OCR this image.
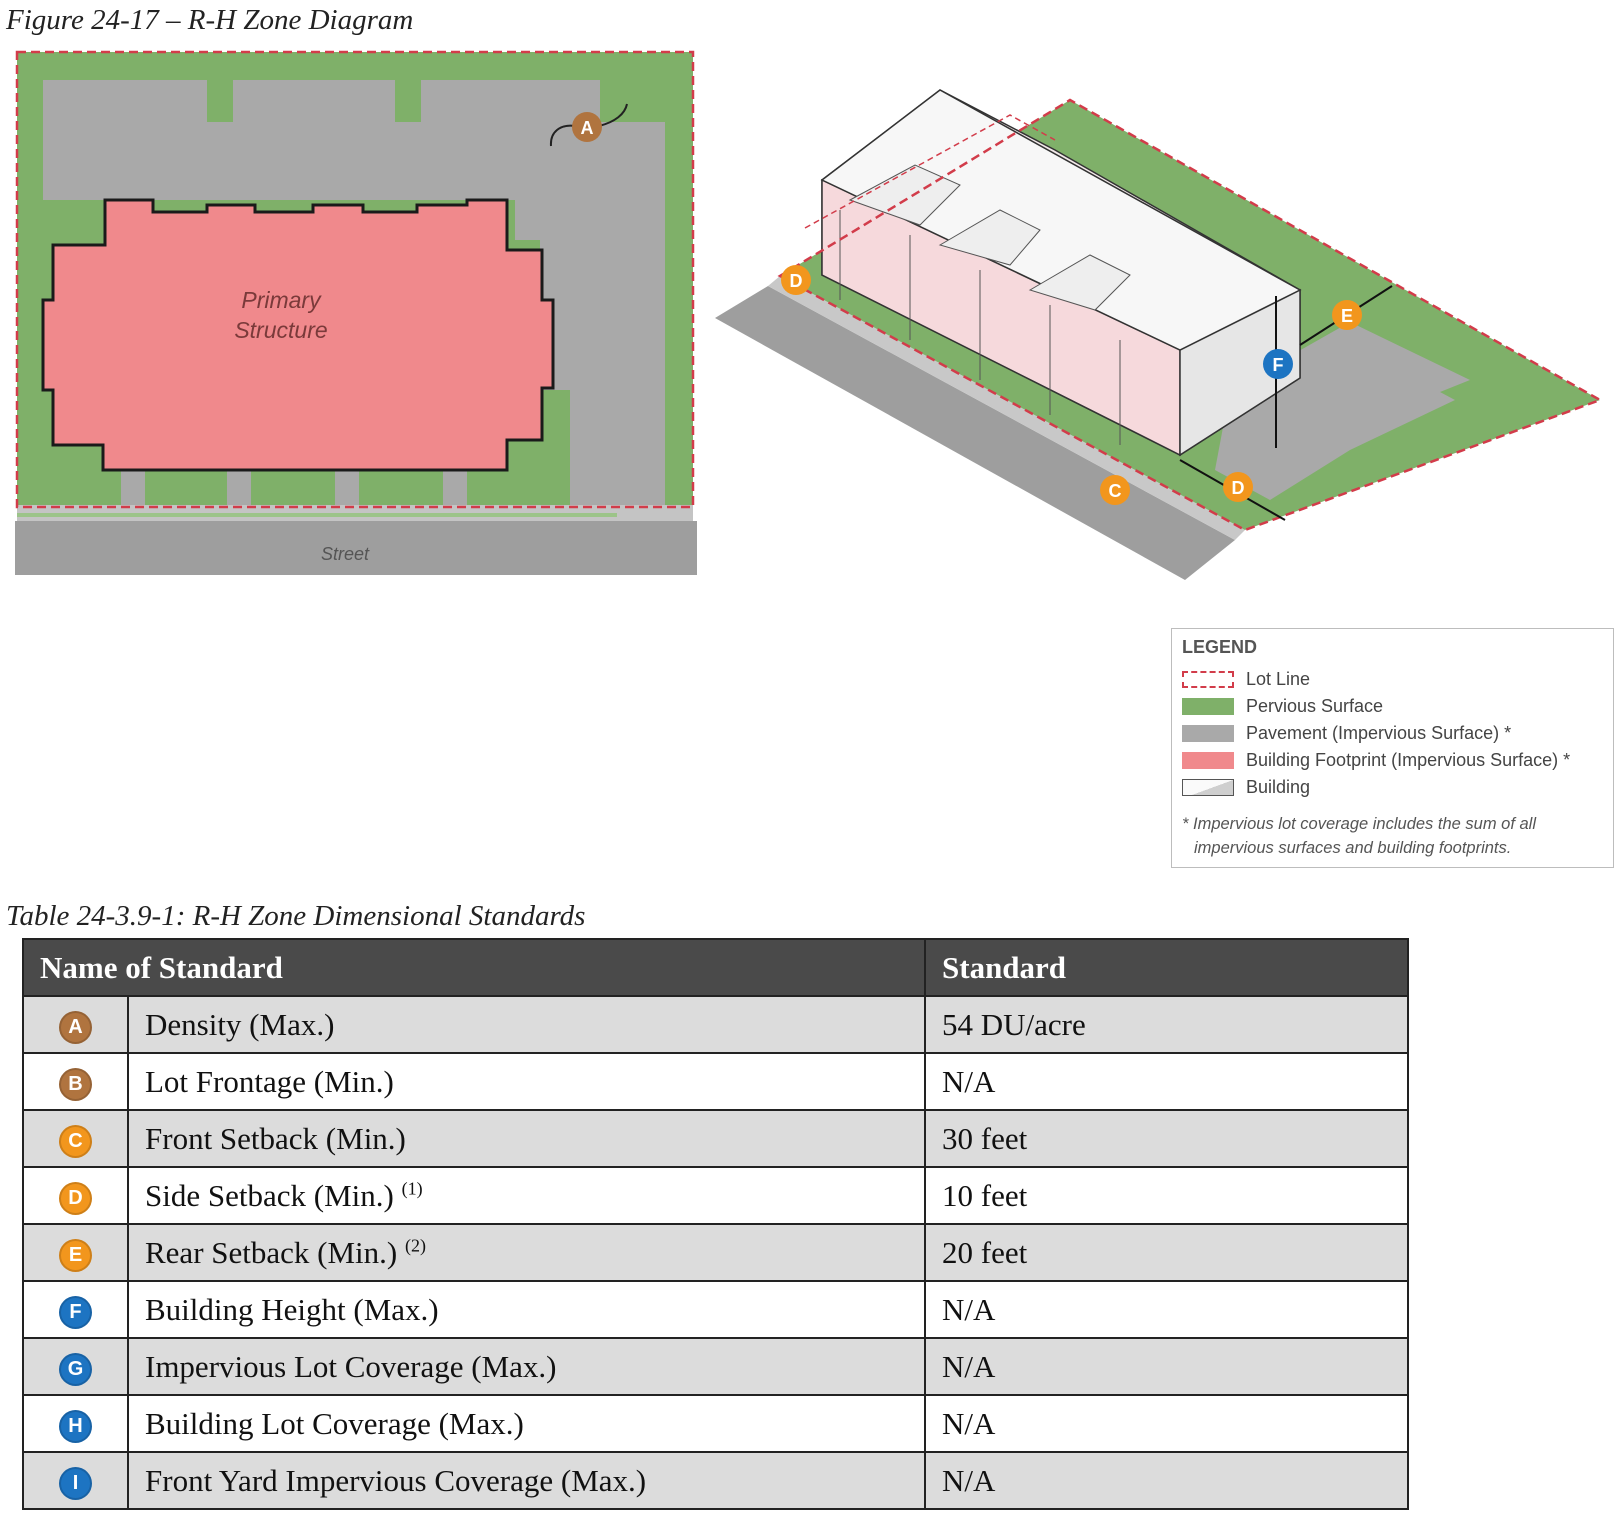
Figure 24-17 – R-H Zone Diagram
Primary
Structure
Street
A
D
E
F
C	D
LEGEND
Lot Line
Pervious Surface
Pavement (Impervious Surface) *
Building Footprint (Impervious Surface) *
Building
* Impervious lot coverage includes the sum of all
impervious surfaces and building footprints.
Table 24-3.9-1: R-H Zone Dimensional Standards
Name of Standard		Standard
A	Density (Max.)	54 DU/acre
B	Lot Frontage (Min.)	N/A
C	Front Setback (Min.)	30 feet
D	Side Setback (Min.) $^{(1)}$	10 feet
E	Rear Setback (Min.) $^{(2)}$	20 feet
F	Building Height (Max.)	N/A
G	Impervious Lot Coverage (Max.)	N/A
H	Building Lot Coverage (Max.)	N/A
I	Front Yard Impervious Coverage (Max.)	N/A
